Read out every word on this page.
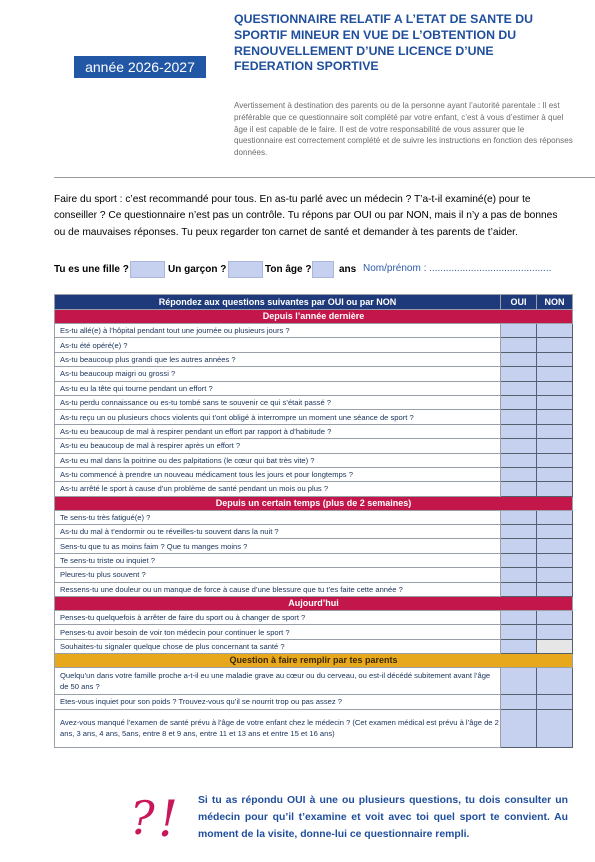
année 2026-2027
QUESTIONNAIRE RELATIF A L’ETAT DE SANTE DU SPORTIF MINEUR EN VUE DE L’OBTENTION DU RENOUVELLEMENT D’UNE LICENCE D’UNE FEDERATION SPORTIVE
Avertissement à destination des parents ou de la personne ayant l’autorité parentale : Il est préférable que ce questionnaire soit complété par votre enfant, c’est à vous d’estimer à quel âge il est capable de le faire. Il est de votre responsabilité de vous assurer que le questionnaire est correctement complété et de suivre les instructions en fonction des réponses données.
Faire du sport : c’est recommandé pour tous. En as-tu parlé avec un médecin ? T’a-t-il examiné(e) pour te conseiller ? Ce questionnaire n’est pas un contrôle. Tu répons par OUI ou par NON, mais il n’y a pas de bonnes ou de mauvaises réponses. Tu peux regarder ton carnet de santé et demander à tes parents de t’aider.
Tu es une fille ?	Un garçon ?	Ton âge ?	ans Nom/prénom : ............................................
Répondez aux questions suivantes par OUI ou par NON	OUI	NON
Depuis l’année dernière		
Es-tu allé(e) à l’hôpital pendant tout une journée ou plusieurs jours ?		
As-tu été opéré(e) ?		
As-tu beaucoup plus grandi que les autres années ?		
As-tu beaucoup maigri ou grossi ?		
As-tu eu la tête qui tourne pendant un effort ?		
As-tu perdu connaissance ou es-tu tombé sans te souvenir ce qui s’était passé ?		
As-tu reçu un ou plusieurs chocs violents qui t’ont obligé à interrompre un moment une séance de sport ?		
As-tu eu beaucoup de mal à respirer pendant un effort par rapport à d’habitude ?		
As-tu eu beaucoup de mal à respirer après un effort ?		
As-tu eu mal dans la poitrine ou des palpitations (le cœur qui bat très vite) ?		
As-tu commencé à prendre un nouveau médicament tous les jours et pour longtemps ?		
As-tu arrêté le sport à cause d’un problème de santé pendant un mois ou plus ?		
Depuis un certain temps (plus de 2 semaines)		
Te sens-tu très fatigué(e) ?		
As-tu du mal à t’endormir ou te réveilles-tu souvent dans la nuit ?		
Sens-tu que tu as moins faim ? Que tu manges moins ?		
Te sens-tu triste ou inquiet ?		
Pleures-tu plus souvent ?		
Ressens-tu une douleur ou un manque de force à cause d’une blessure que tu t’es faite cette année ?		
Aujourd’hui		
Penses-tu quelquefois à arrêter de faire du sport ou à changer de sport ?		
Penses-tu avoir besoin de voir ton médecin pour continuer le sport ?		
Souhaites-tu signaler quelque chose de plus concernant ta santé ?		
Question à faire remplir par tes parents		
Quelqu’un dans votre famille proche a-t-il eu une maladie grave au cœur ou du cerveau, ou est-il décédé subitement avant l’âge de 50 ans ?		
Etes-vous inquiet pour son poids ? Trouvez-vous qu’il se nourrit trop ou pas assez ?		
Avez-vous manqué l’examen de santé prévu à l’âge de votre enfant chez le médecin ? (Cet examen médical est prévu à l’âge de 2 ans, 3 ans, 4 ans, 5ans, entre 8 et 9 ans, entre 11 et 13 ans et entre 15 et 16 ans)		
? ! Si tu as répondu OUI à une ou plusieurs questions, tu dois consulter un médecin pour qu’il t’examine et voit avec toi quel sport te convient. Au moment de la visite, donne-lui ce questionnaire rempli.
